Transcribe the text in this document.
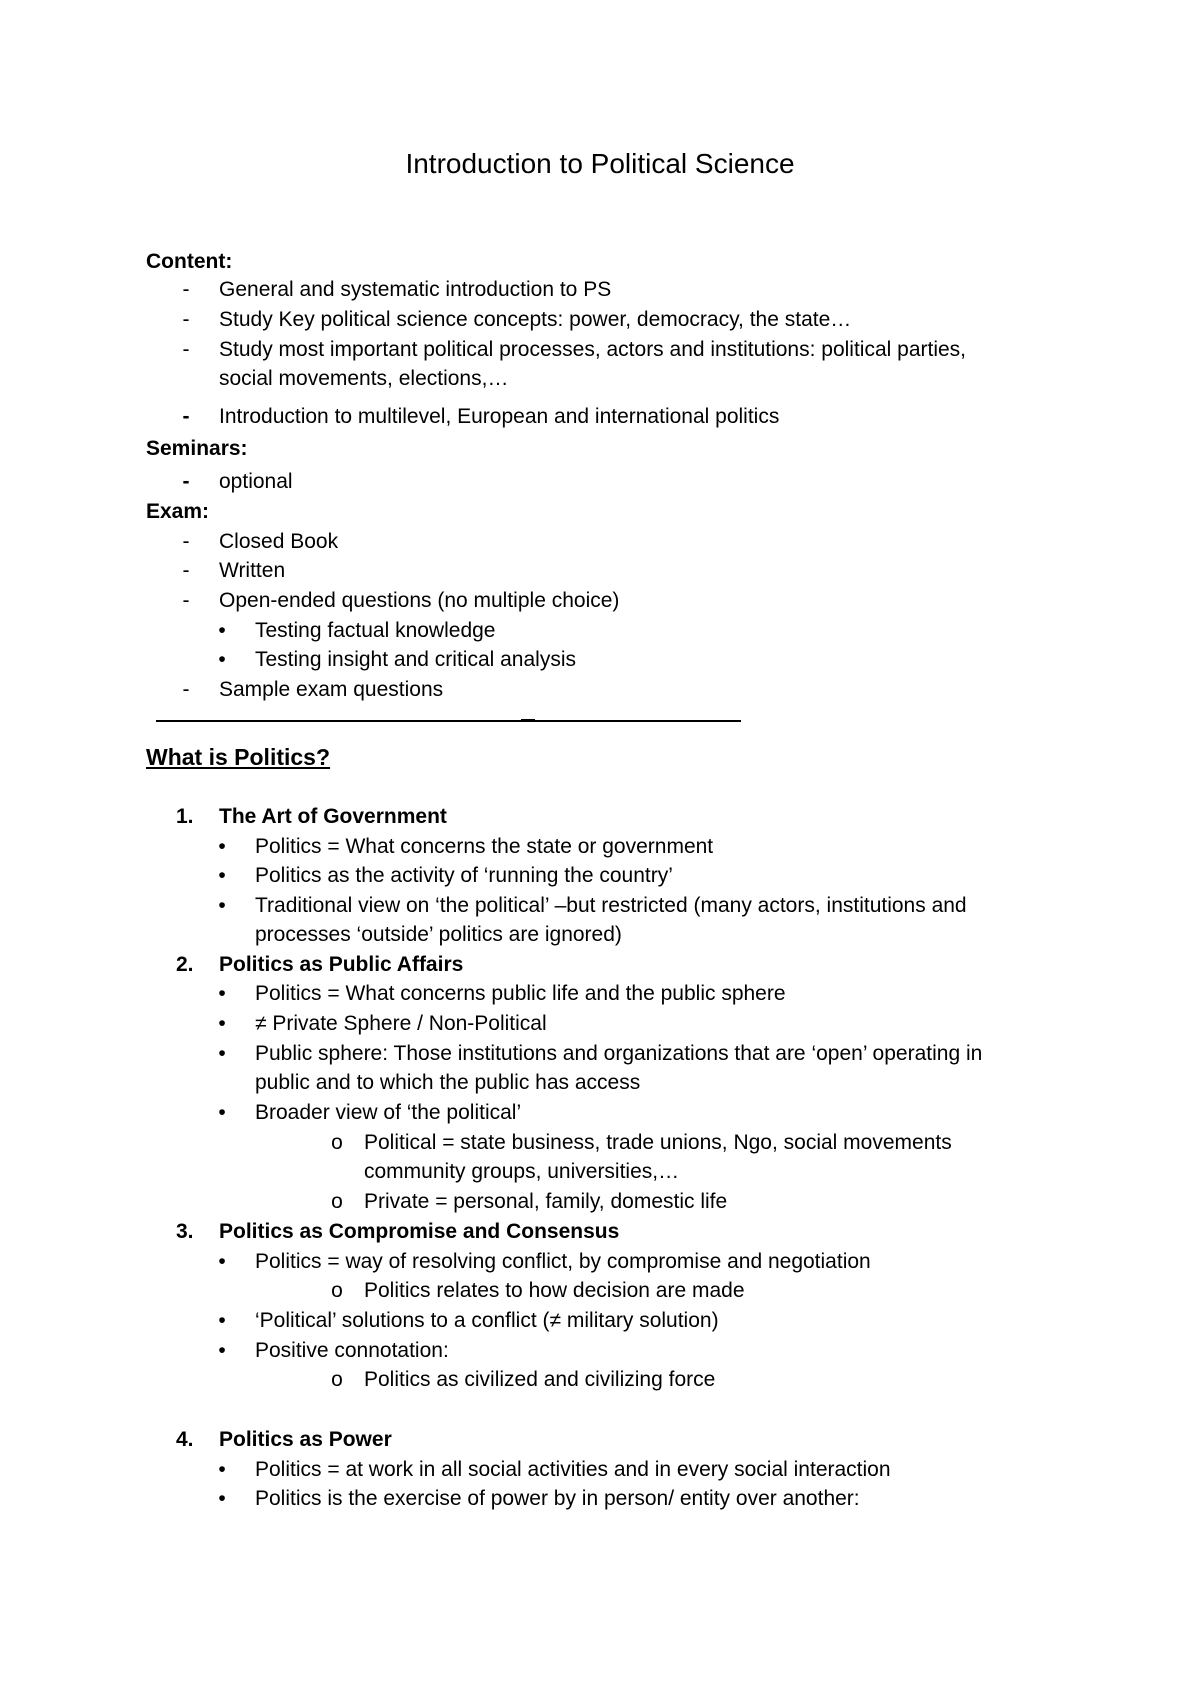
Introduction to Political Science
Content:
-	General and systematic introduction to PS
-	Study Key political science concepts: power, democracy, the state…
-	Study most important political processes, actors and institutions: political parties,
social movements, elections,…
-	Introduction to multilevel, European and international politics
Seminars:
-	optional
Exam:
-	Closed Book
-	Written
-	Open-ended questions (no multiple choice)
•	Testing factual knowledge
•	Testing insight and critical analysis
-	Sample exam questions
What is Politics?
1. The Art of Government
•	Politics = What concerns the state or government
•	Politics as the activity of ‘running the country’
•	Traditional view on ‘the political’ –but restricted (many actors, institutions and
processes ‘outside’ politics are ignored)
2. Politics as Public Affairs
•	Politics = What concerns public life and the public sphere
•	≠ Private Sphere / Non-Political
•	Public sphere: Those institutions and organizations that are ‘open’ operating in
public and to which the public has access
•	Broader view of ‘the political’
o Political = state business, trade unions, Ngo, social movements
community groups, universities,…
o Private = personal, family, domestic life
3. Politics as Compromise and Consensus
•	Politics = way of resolving conflict, by compromise and negotiation
o Politics relates to how decision are made
•	‘Political’ solutions to a conflict (≠ military solution)
•	Positive connotation:
o Politics as civilized and civilizing force
4. Politics as Power
•	Politics = at work in all social activities and in every social interaction
•	Politics is the exercise of power by in person/ entity over another:
